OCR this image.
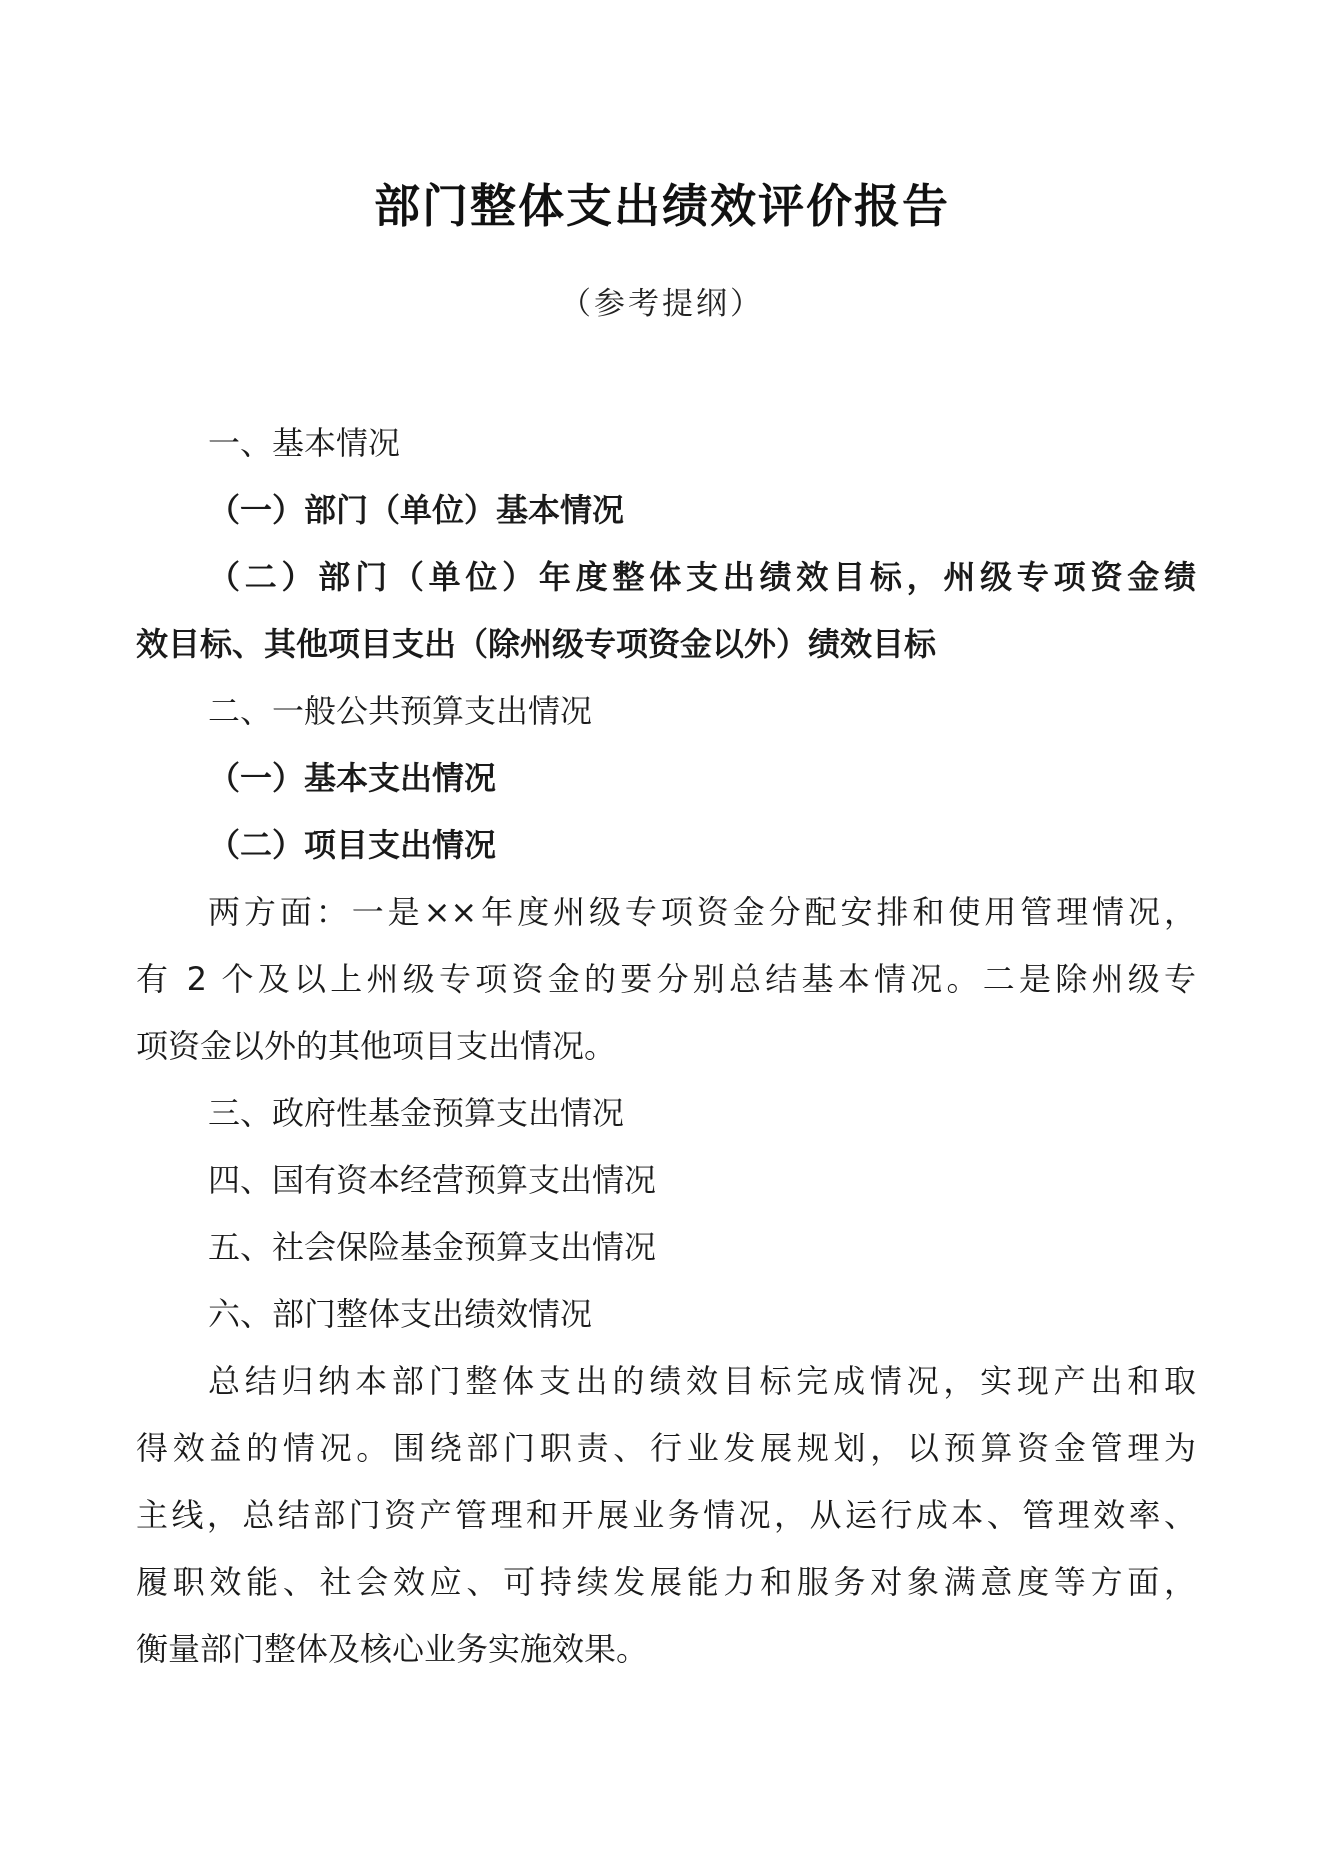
部门整体支出绩效评价报告
（参考提纲）
一、基本情况
（一）部门（单位）基本情况
（二）部门（单位）年度整体支出绩效目标，州级专项资金绩
效目标、其他项目支出（除州级专项资金以外）绩效目标
二、一般公共预算支出情况
（一）基本支出情况
（二）项目支出情况
两方面：一是××年度州级专项资金分配安排和使用管理情况，
有 2 个及以上州级专项资金的要分别总结基本情况。二是除州级专
项资金以外的其他项目支出情况。
三、政府性基金预算支出情况
四、国有资本经营预算支出情况
五、社会保险基金预算支出情况
六、部门整体支出绩效情况
总结归纳本部门整体支出的绩效目标完成情况，实现产出和取
得效益的情况。围绕部门职责、行业发展规划，以预算资金管理为
主线，总结部门资产管理和开展业务情况，从运行成本、管理效率、
履职效能、社会效应、可持续发展能力和服务对象满意度等方面，
衡量部门整体及核心业务实施效果。
